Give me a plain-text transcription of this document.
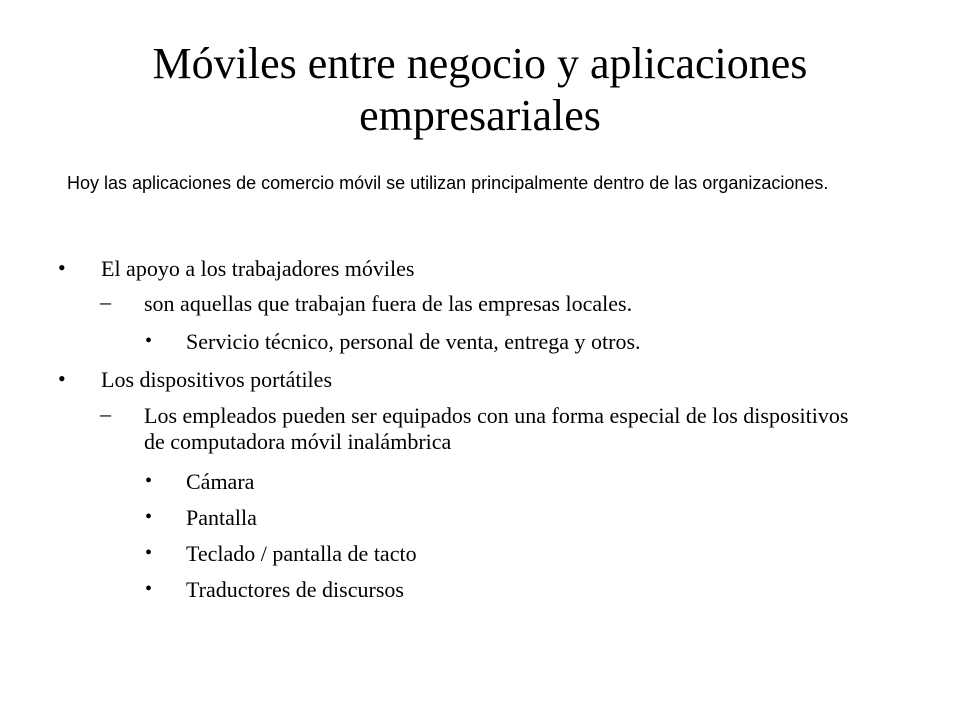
Móviles entre negocio y aplicaciones empresariales

Hoy las aplicaciones de comercio móvil se utilizan principalmente dentro de las organizaciones.

• El apoyo a los trabajadores móviles
– son aquellas que trabajan fuera de las empresas locales.
• Servicio técnico, personal de venta, entrega y otros.
• Los dispositivos portátiles
– Los empleados pueden ser equipados con una forma especial de los dispositivos de computadora móvil inalámbrica
• Cámara
• Pantalla
• Teclado / pantalla de tacto
• Traductores de discursos
